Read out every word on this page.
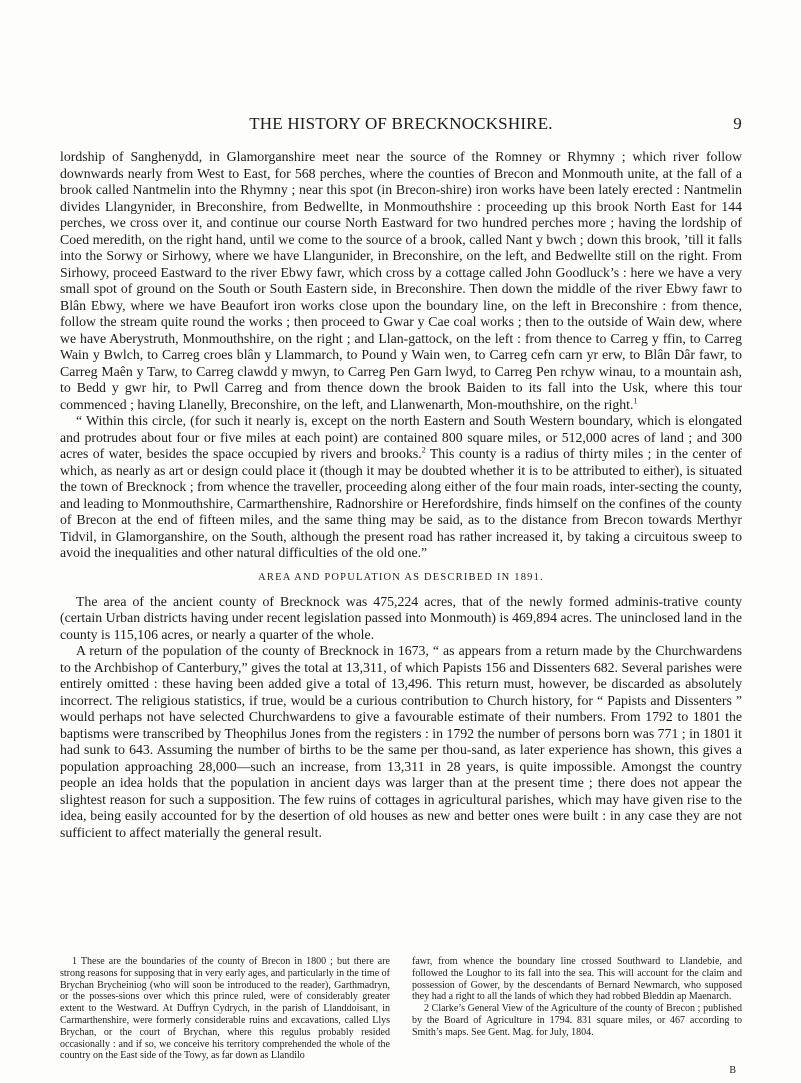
THE HISTORY OF BRECKNOCKSHIRE.	9

lordship of Sanghenydd, in Glamorganshire meet near the source of the Romney or Rhymny ; which river follow downwards nearly from West to East, for 568 perches, where the counties of Brecon and Monmouth unite, at the fall of a brook called Nantmelin into the Rhymny ; near this spot (in Brecon-shire) iron works have been lately erected : Nantmelin divides Llangynider, in Breconshire, from Bedwellte, in Monmouthshire : proceeding up this brook North East for 144 perches, we cross over it, and continue our course North Eastward for two hundred perches more ; having the lordship of Coed meredith, on the right hand, until we come to the source of a brook, called Nant y bwch ; down this brook, ’till it falls into the Sorwy or Sirhowy, where we have Llangunider, in Breconshire, on the left, and Bedwellte still on the right. From Sirhowy, proceed Eastward to the river Ebwy fawr, which cross by a cottage called John Goodluck’s : here we have a very small spot of ground on the South or South Eastern side, in Breconshire. Then down the middle of the river Ebwy fawr to Blân Ebwy, where we have Beaufort iron works close upon the boundary line, on the left in Breconshire : from thence, follow the stream quite round the works ; then proceed to Gwar y Cae coal works ; then to the outside of Wain dew, where we have Aberystruth, Monmouthshire, on the right ; and Llan-gattock, on the left : from thence to Carreg y ffin, to Carreg Wain y Bwlch, to Carreg croes blân y Llammarch, to Pound y Wain wen, to Carreg cefn carn yr erw, to Blân Dâr fawr, to Carreg Maên y Tarw, to Carreg clawdd y mwyn, to Carreg Pen Garn lwyd, to Carreg Pen rchyw winau, to a mountain ash, to Bedd y gwr hir, to Pwll Carreg and from thence down the brook Baiden to its fall into the Usk, where this tour commenced ; having Llanelly, Breconshire, on the left, and Llanwenarth, Mon-mouthshire, on the right.$^1$

“ Within this circle, (for such it nearly is, except on the north Eastern and South Western boundary, which is elongated and protrudes about four or five miles at each point) are contained 800 square miles, or 512,000 acres of land ; and 300 acres of water, besides the space occupied by rivers and brooks.$^2$ This county is a radius of thirty miles ; in the center of which, as nearly as art or design could place it (though it may be doubted whether it is to be attributed to either), is situated the town of Brecknock ; from whence the traveller, proceeding along either of the four main roads, inter-secting the county, and leading to Monmouthshire, Carmarthenshire, Radnorshire or Herefordshire, finds himself on the confines of the county of Brecon at the end of fifteen miles, and the same thing may be said, as to the distance from Brecon towards Merthyr Tidvil, in Glamorganshire, on the South, although the present road has rather increased it, by taking a circuitous sweep to avoid the inequalities and other natural difficulties of the old one.”

AREA AND POPULATION AS DESCRIBED IN 1891.

The area of the ancient county of Brecknock was 475,224 acres, that of the newly formed adminis-trative county (certain Urban districts having under recent legislation passed into Monmouth) is 469,894 acres. The uninclosed land in the county is 115,106 acres, or nearly a quarter of the whole.

A return of the population of the county of Brecknock in 1673, “ as appears from a return made by the Churchwardens to the Archbishop of Canterbury,” gives the total at 13,311, of which Papists 156 and Dissenters 682. Several parishes were entirely omitted : these having been added give a total of 13,496. This return must, however, be discarded as absolutely incorrect. The religious statistics, if true, would be a curious contribution to Church history, for “ Papists and Dissenters ” would perhaps not have selected Churchwardens to give a favourable estimate of their numbers. From 1792 to 1801 the baptisms were transcribed by Theophilus Jones from the registers : in 1792 the number of persons born was 771 ; in 1801 it had sunk to 643. Assuming the number of births to be the same per thou-sand, as later experience has shown, this gives a population approaching 28,000—such an increase, from 13,311 in 28 years, is quite impossible. Amongst the country people an idea holds that the population in ancient days was larger than at the present time ; there does not appear the slightest reason for such a supposition. The few ruins of cottages in agricultural parishes, which may have given rise to the idea, being easily accounted for by the desertion of old houses as new and better ones were built : in any case they are not sufficient to affect materially the general result.

1 These are the boundaries of the county of Brecon in 1800 ; but there are strong reasons for supposing that in very early ages, and particularly in the time of Brychan Brycheiniog (who will soon be introduced to the reader), Garthmadryn, or the posses-sions over which this prince ruled, were of considerably greater extent to the Westward. At Duffryn Cydrych, in the parish of Llanddoisant, in Carmarthenshire, were formerly considerable ruins and excavations, called Llys Brychan, or the court of Brychan, where this regulus probably resided occasionally : and if so, we conceive his territory comprehended the whole of the country on the East side of the Towy, as far down as Llandilo

fawr, from whence the boundary line crossed Southward to Llandebie, and followed the Loughor to its fall into the sea. This will account for the claim and possession of Gower, by the descendants of Bernard Newmarch, who supposed they had a right to all the lands of which they had robbed Bleddin ap Maenarch.

2 Clarke’s General View of the Agriculture of the county of Brecon ; published by the Board of Agriculture in 1794. 831 square miles, or 467 according to Smith’s maps. See Gent. Mag. for July, 1804.

B
